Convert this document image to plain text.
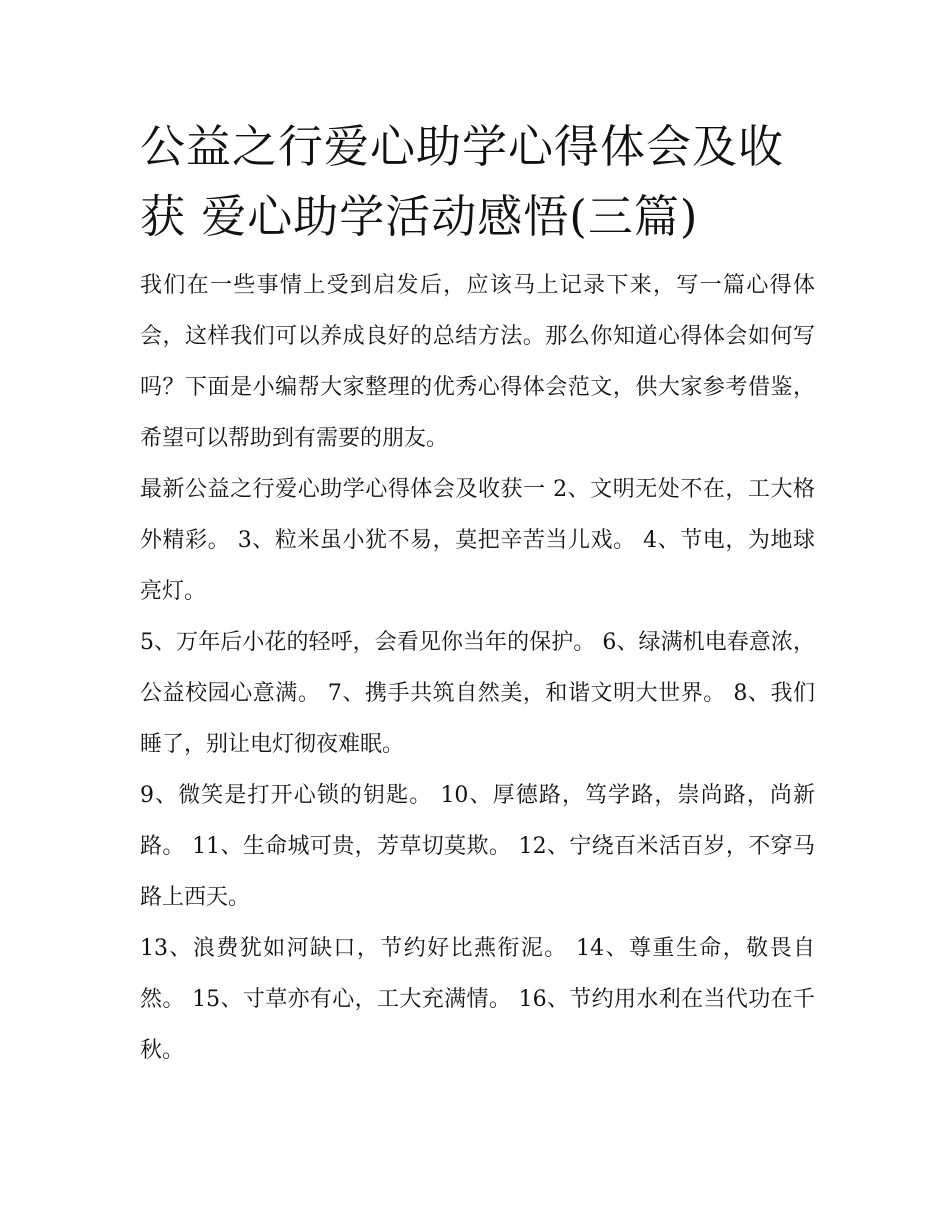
公益之行爱心助学心得体会及收获 爱心助学活动感悟(三篇)

我们在一些事情上受到启发后，应该马上记录下来，写一篇心得体会，这样我们可以养成良好的总结方法。那么你知道心得体会如何写吗？下面是小编帮大家整理的优秀心得体会范文，供大家参考借鉴，希望可以帮助到有需要的朋友。

最新公益之行爱心助学心得体会及收获一 2、文明无处不在，工大格外精彩。 3、粒米虽小犹不易，莫把辛苦当儿戏。 4、节电，为地球亮灯。

5、万年后小花的轻呼，会看见你当年的保护。 6、绿满机电春意浓，公益校园心意满。 7、携手共筑自然美，和谐文明大世界。 8、我们睡了，别让电灯彻夜难眠。

9、微笑是打开心锁的钥匙。 10、厚德路，笃学路，崇尚路，尚新路。 11、生命城可贵，芳草切莫欺。 12、宁绕百米活百岁，不穿马路上西天。

13、浪费犹如河缺口，节约好比燕衔泥。 14、尊重生命，敬畏自然。 15、寸草亦有心，工大充满情。 16、节约用水利在当代功在千秋。
